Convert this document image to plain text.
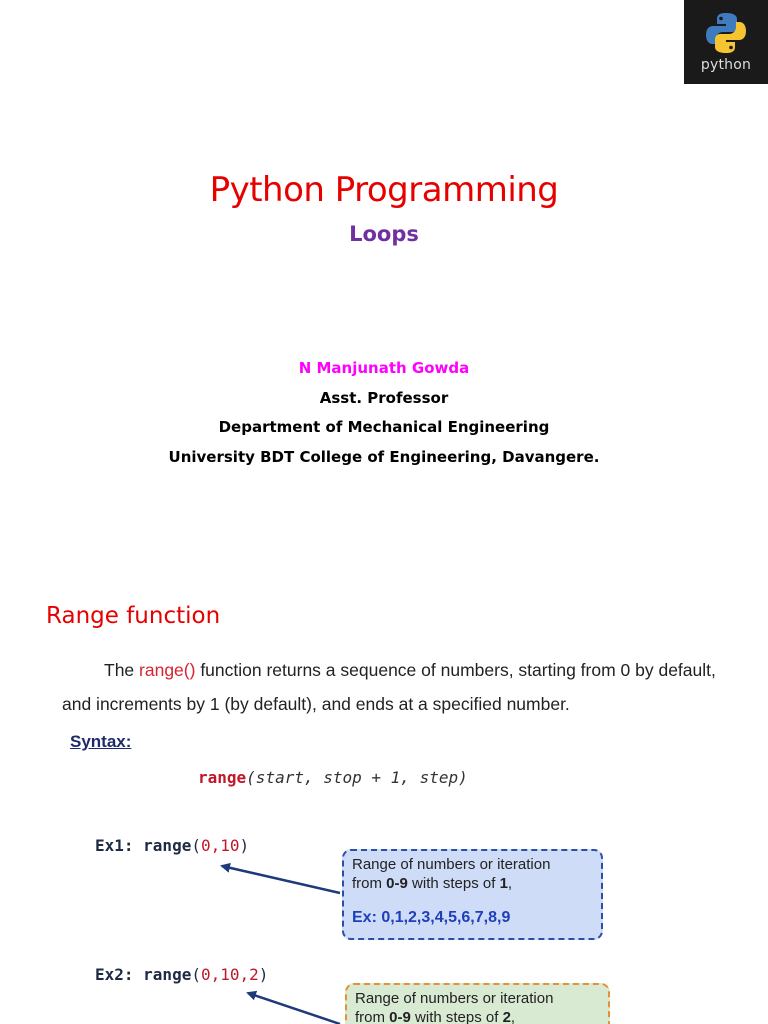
python
Python Programming
Loops
N Manjunath Gowda
Asst. Professor
Department of Mechanical Engineering
University BDT College of Engineering, Davangere.
Range function
The range() function returns a sequence of numbers, starting from 0 by default, and increments by 1 (by default), and ends at a specified number.
Syntax:
range(start, stop + 1, step)
Ex1: range(0,10)
Range of numbers or iteration
from 0-9 with steps of 1,
Ex: 0,1,2,3,4,5,6,7,8,9
Ex2: range(0,10,2)
Range of numbers or iteration
from 0-9 with steps of 2,
